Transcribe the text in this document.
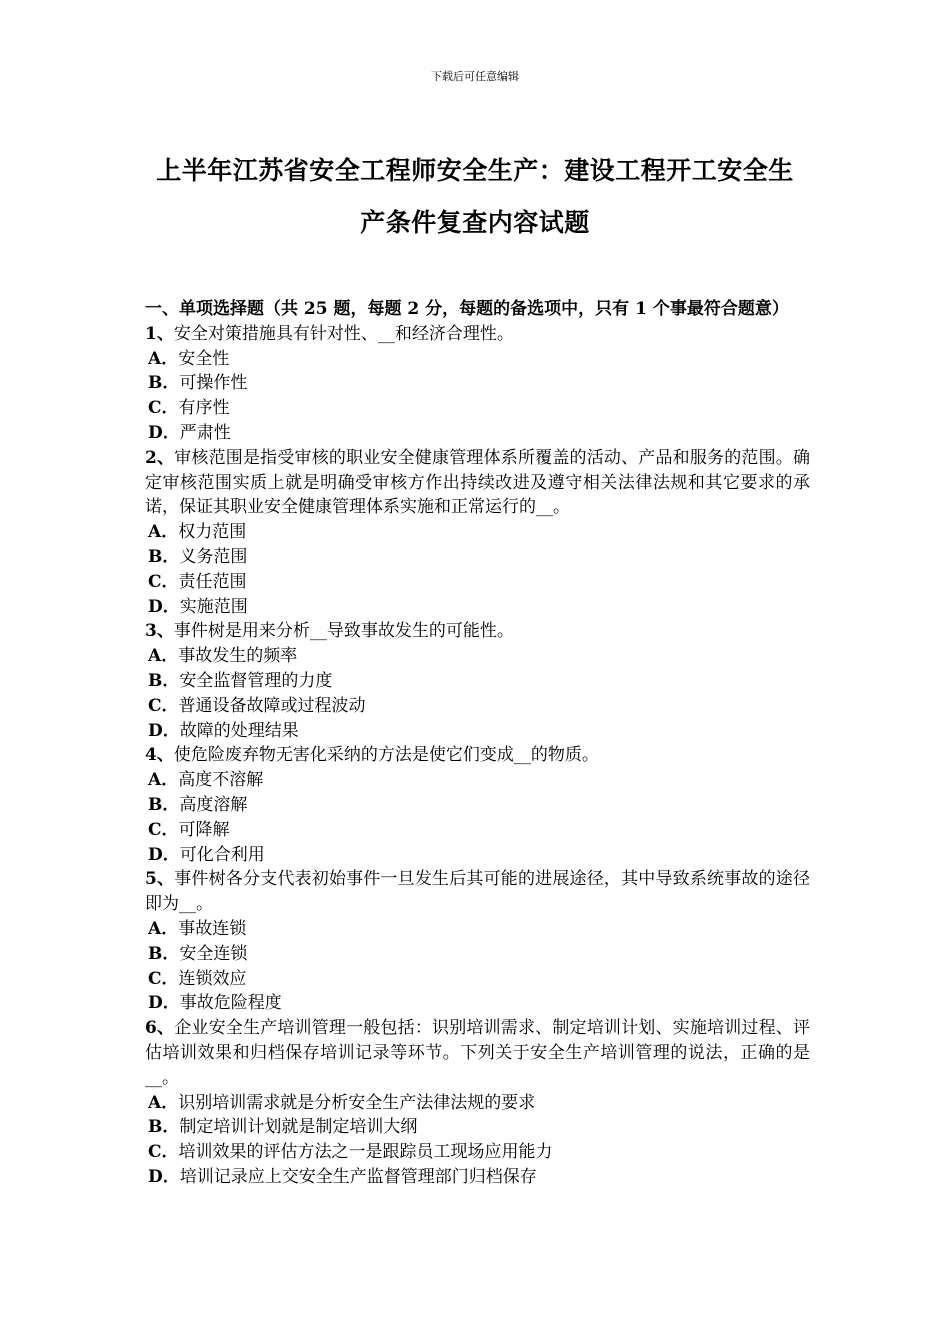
下载后可任意编辑
上半年江苏省安全工程师安全生产：建设工程开工安全生
产条件复查内容试题
一、单项选择题（共 25 题，每题 2 分，每题的备选项中，只有 1 个事最符合题意）
1、安全对策措施具有针对性、__和经济合理性。
A．安全性
B．可操作性
C．有序性
D．严肃性
2、审核范围是指受审核的职业安全健康管理体系所覆盖的活动、产品和服务的范围。确定审核范围实质上就是明确受审核方作出持续改进及遵守相关法律法规和其它要求的承诺，保证其职业安全健康管理体系实施和正常运行的__。
A．权力范围
B．义务范围
C．责任范围
D．实施范围
3、事件树是用来分析__导致事故发生的可能性。
A．事故发生的频率
B．安全监督管理的力度
C．普通设备故障或过程波动
D．故障的处理结果
4、使危险废弃物无害化采纳的方法是使它们变成__的物质。
A．高度不溶解
B．高度溶解
C．可降解
D．可化合利用
5、事件树各分支代表初始事件一旦发生后其可能的进展途径，其中导致系统事故的途径即为__。
A．事故连锁
B．安全连锁
C．连锁效应
D．事故危险程度
6、企业安全生产培训管理一般包括：识别培训需求、制定培训计划、实施培训过程、评估培训效果和归档保存培训记录等环节。下列关于安全生产培训管理的说法，正确的是__。
A．识别培训需求就是分析安全生产法律法规的要求
B．制定培训计划就是制定培训大纲
C．培训效果的评估方法之一是跟踪员工现场应用能力
D．培训记录应上交安全生产监督管理部门归档保存
